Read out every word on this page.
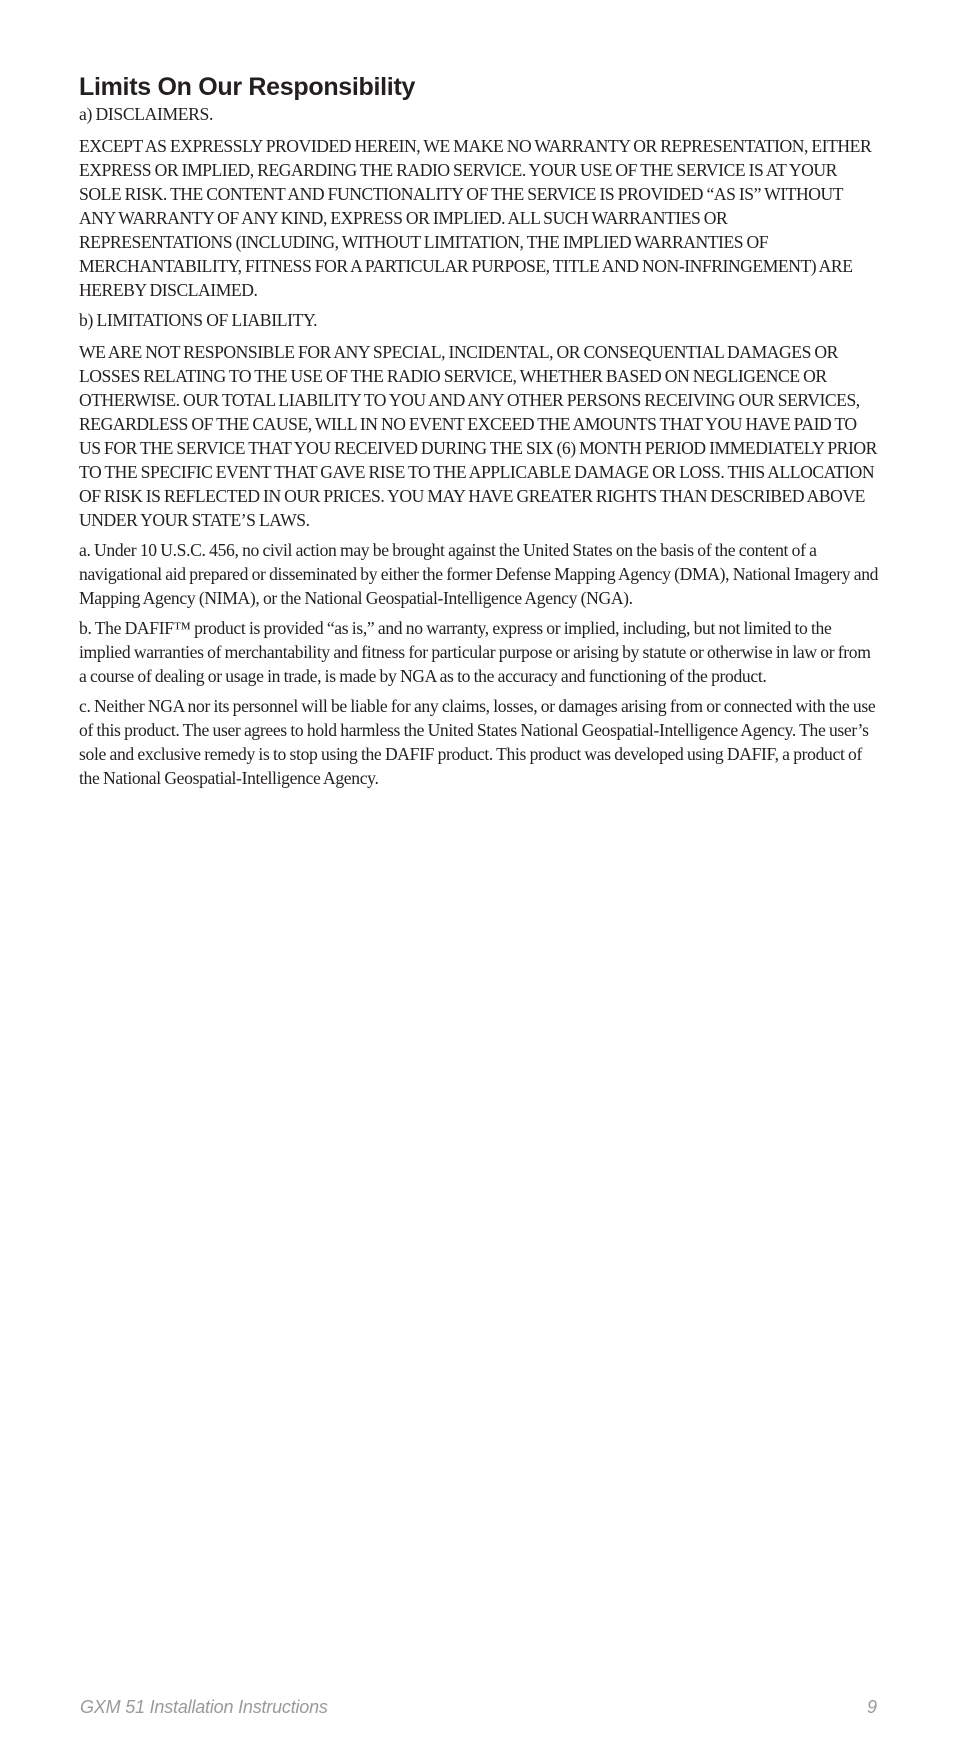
Limits On Our Responsibility

a) DISCLAIMERS.

EXCEPT AS EXPRESSLY PROVIDED HEREIN, WE MAKE NO WARRANTY OR REPRESENTATION, EITHER EXPRESS OR IMPLIED, REGARDING THE RADIO SERVICE. YOUR USE OF THE SERVICE IS AT YOUR SOLE RISK. THE CONTENT AND FUNCTIONALITY OF THE SERVICE IS PROVIDED “AS IS” WITHOUT ANY WARRANTY OF ANY KIND, EXPRESS OR IMPLIED. ALL SUCH WARRANTIES OR REPRESENTATIONS (INCLUDING, WITHOUT LIMITATION, THE IMPLIED WARRANTIES OF MERCHANTABILITY, FITNESS FOR A PARTICULAR PURPOSE, TITLE AND NON-INFRINGEMENT) ARE HEREBY DISCLAIMED.

b) LIMITATIONS OF LIABILITY.

WE ARE NOT RESPONSIBLE FOR ANY SPECIAL, INCIDENTAL, OR CONSEQUENTIAL DAMAGES OR LOSSES RELATING TO THE USE OF THE RADIO SERVICE, WHETHER BASED ON NEGLIGENCE OR OTHERWISE. OUR TOTAL LIABILITY TO YOU AND ANY OTHER PERSONS RECEIVING OUR SERVICES, REGARDLESS OF THE CAUSE, WILL IN NO EVENT EXCEED THE AMOUNTS THAT YOU HAVE PAID TO US FOR THE SERVICE THAT YOU RECEIVED DURING THE SIX (6) MONTH PERIOD IMMEDIATELY PRIOR TO THE SPECIFIC EVENT THAT GAVE RISE TO THE APPLICABLE DAMAGE OR LOSS. THIS ALLOCATION OF RISK IS REFLECTED IN OUR PRICES. YOU MAY HAVE GREATER RIGHTS THAN DESCRIBED ABOVE UNDER YOUR STATE’S LAWS.

a. Under 10 U.S.C. 456, no civil action may be brought against the United States on the basis of the content of a navigational aid prepared or disseminated by either the former Defense Mapping Agency (DMA), National Imagery and Mapping Agency (NIMA), or the National Geospatial-Intelligence Agency (NGA).

b. The DAFIF™ product is provided “as is,” and no warranty, express or implied, including, but not limited to the implied warranties of merchantability and fitness for particular purpose or arising by statute or otherwise in law or from a course of dealing or usage in trade, is made by NGA as to the accuracy and functioning of the product.

c. Neither NGA nor its personnel will be liable for any claims, losses, or damages arising from or connected with the use of this product. The user agrees to hold harmless the United States National Geospatial-Intelligence Agency. The user’s sole and exclusive remedy is to stop using the DAFIF product. This product was developed using DAFIF, a product of the National Geospatial-Intelligence Agency.

GXM 51 Installation Instructions	9
